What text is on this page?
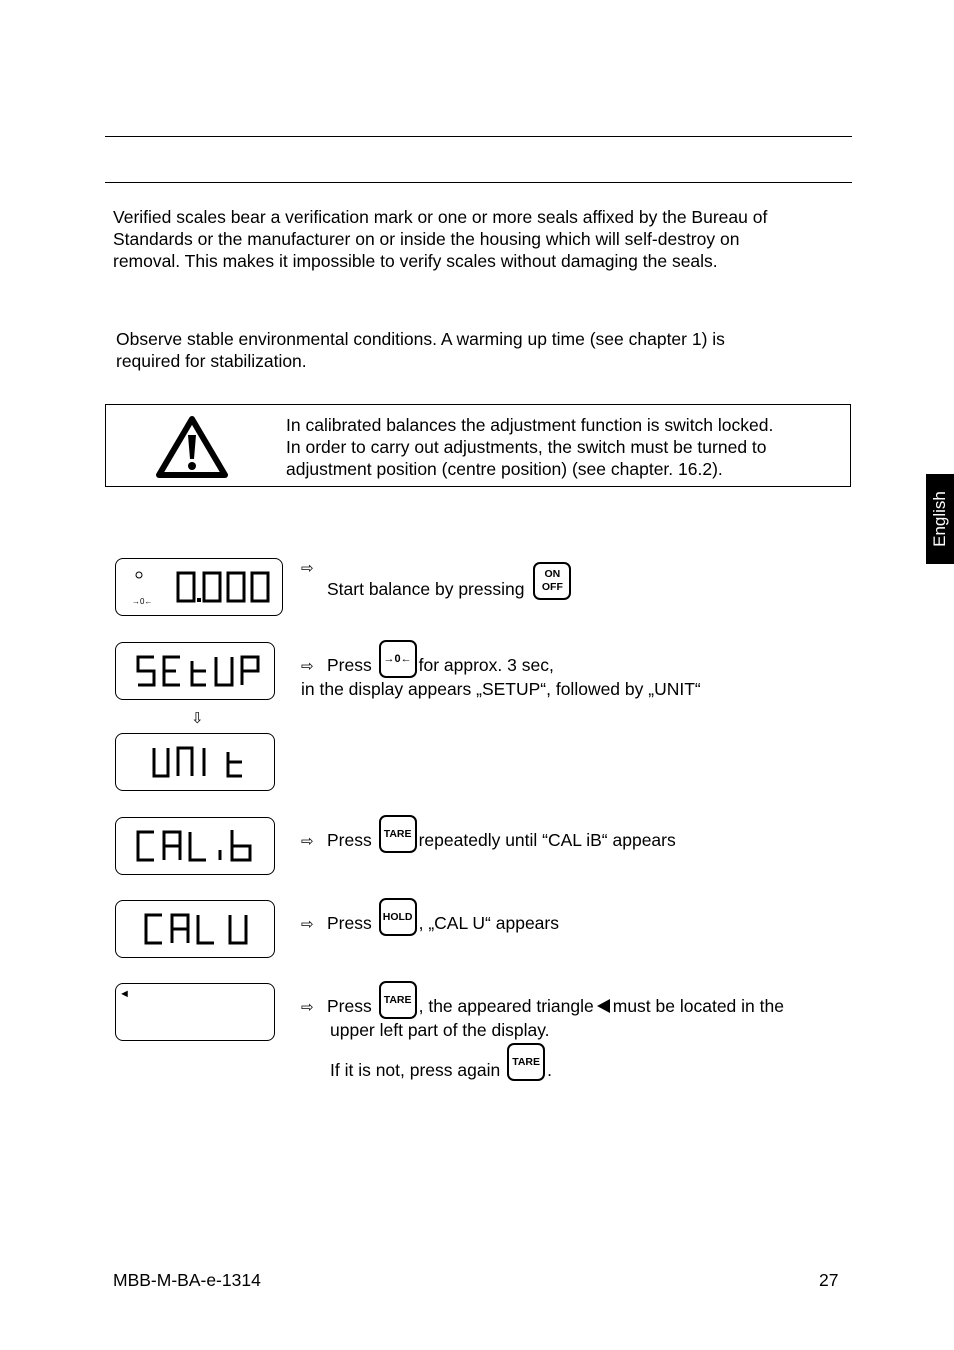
Verified scales bear a verification mark or one or more seals affixed by the Bureau of
Standards or the manufacturer on or inside the housing which will self-destroy on
removal. This makes it impossible to verify scales without damaging the seals.
Observe stable environmental conditions. A warming up time (see chapter 1) is
required for stabilization.
In calibrated balances the adjustment function is switch locked.
In order to carry out adjustments, the switch must be turned to
adjustment position (centre position) (see chapter. 16.2).
English
→0←
⇨Start balance by pressing
ON
OFF
⇨ Press →0← for approx. 3 sec,
in the display appears „SETUP“, followed by „UNIT“
⇩
⇨ Press TARE repeatedly until “CAL iB“ appears
⇨ Press HOLD , „CAL U“ appears
◄
⇨ Press TARE , the appeared triangle must be located in the
upper left part of the display.
If it is not, press again TARE .
MBB-M-BA-e-1314	27
